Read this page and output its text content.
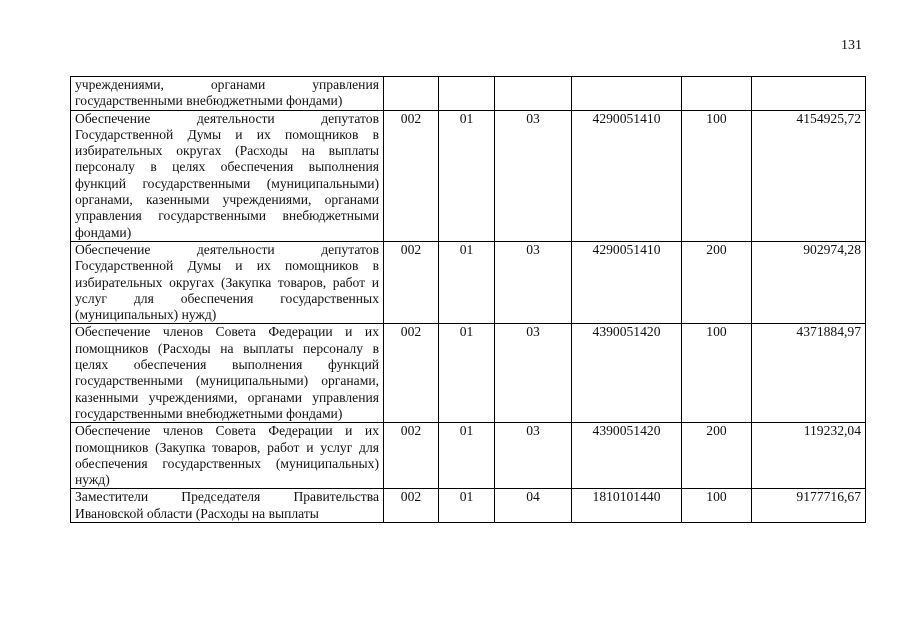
131
учреждениями, органами управления государственными внебюджетными фондами)						
Обеспечение деятельности депутатов Государственной Думы и их помощников в избирательных округах (Расходы на выплаты персоналу в целях обеспечения выполнения функций государственными (муниципальными) органами, казенными учреждениями, органами управления государственными внебюджетными фондами)	002	01	03	4290051410	100	4154925,72
Обеспечение деятельности депутатов Государственной Думы и их помощников в избирательных округах (Закупка товаров, работ и услуг для обеспечения государственных (муниципальных) нужд)	002	01	03	4290051410	200	902974,28
Обеспечение членов Совета Федерации и их помощников (Расходы на выплаты персоналу в целях обеспечения выполнения функций государственными (муниципальными) органами, казенными учреждениями, органами управления государственными внебюджетными фондами)	002	01	03	4390051420	100	4371884,97
Обеспечение членов Совета Федерации и их помощников (Закупка товаров, работ и услуг для обеспечения государственных (муниципальных) нужд)	002	01	03	4390051420	200	119232,04
Заместители Председателя Правительства Ивановской области (Расходы на выплаты	002	01	04	1810101440	100	9177716,67
